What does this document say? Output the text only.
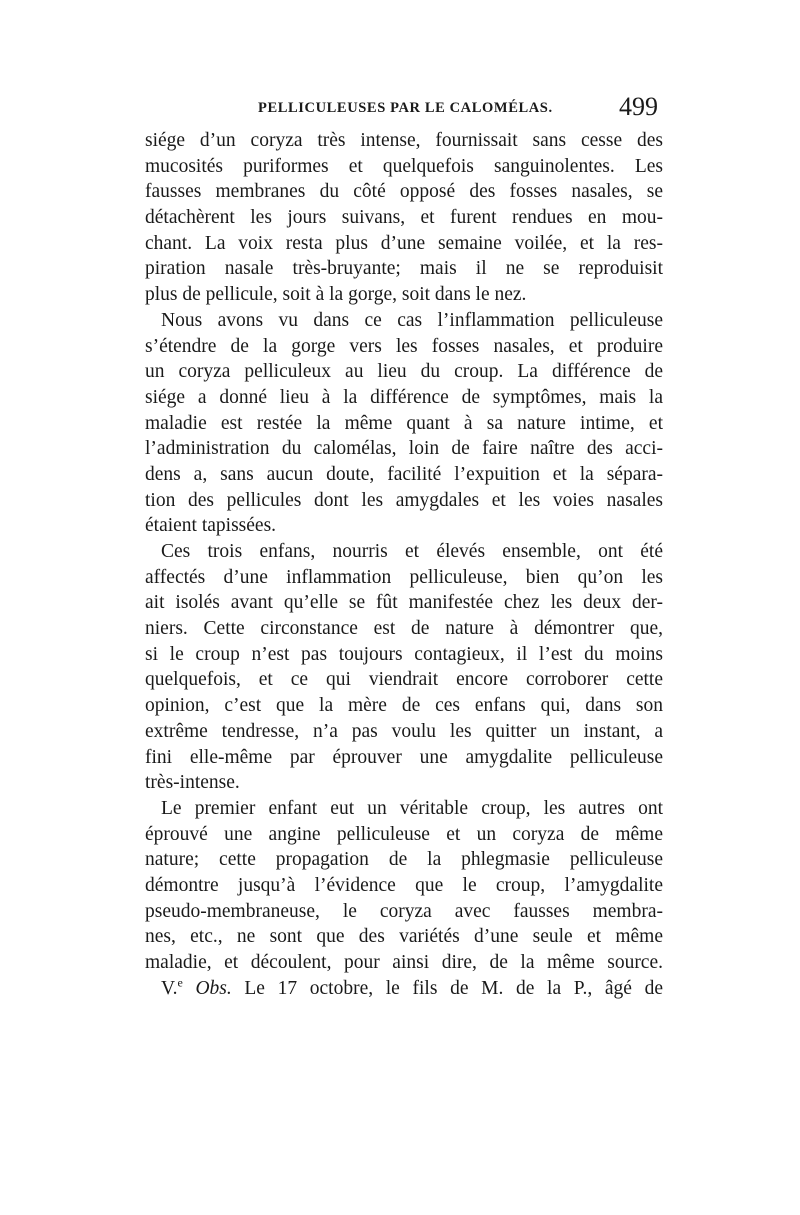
PELLICULEUSES PAR LE CALOMÉLAS.	499
siége d’un coryza très intense, fournissait sans cesse des
mucosités puriformes et quelquefois sanguinolentes. Les
fausses membranes du côté opposé des fosses nasales, se
détachèrent les jours suivans, et furent rendues en mou-
chant. La voix resta plus d’une semaine voilée, et la res-
piration nasale très-bruyante; mais il ne se reproduisit
plus de pellicule, soit à la gorge, soit dans le nez.
Nous avons vu dans ce cas l’inflammation pelliculeuse
s’étendre de la gorge vers les fosses nasales, et produire
un coryza pelliculeux au lieu du croup. La différence de
siége a donné lieu à la différence de symptômes, mais la
maladie est restée la même quant à sa nature intime, et
l’administration du calomélas, loin de faire naître des acci-
dens a, sans aucun doute, facilité l’expuition et la sépara-
tion des pellicules dont les amygdales et les voies nasales
étaient tapissées.
Ces trois enfans, nourris et élevés ensemble, ont été
affectés d’une inflammation pelliculeuse, bien qu’on les
ait isolés avant qu’elle se fût manifestée chez les deux der-
niers. Cette circonstance est de nature à démontrer que,
si le croup n’est pas toujours contagieux, il l’est du moins
quelquefois, et ce qui viendrait encore corroborer cette
opinion, c’est que la mère de ces enfans qui, dans son
extrême tendresse, n’a pas voulu les quitter un instant, a
fini elle-même par éprouver une amygdalite pelliculeuse
très-intense.
Le premier enfant eut un véritable croup, les autres ont
éprouvé une angine pelliculeuse et un coryza de même
nature; cette propagation de la phlegmasie pelliculeuse
démontre jusqu’à l’évidence que le croup, l’amygdalite
pseudo-membraneuse, le coryza avec fausses membra-
nes, etc., ne sont que des variétés d’une seule et même
maladie, et découlent, pour ainsi dire, de la même source.
V.$^e$ Obs. Le 17 octobre, le fils de M. de la P., âgé de
